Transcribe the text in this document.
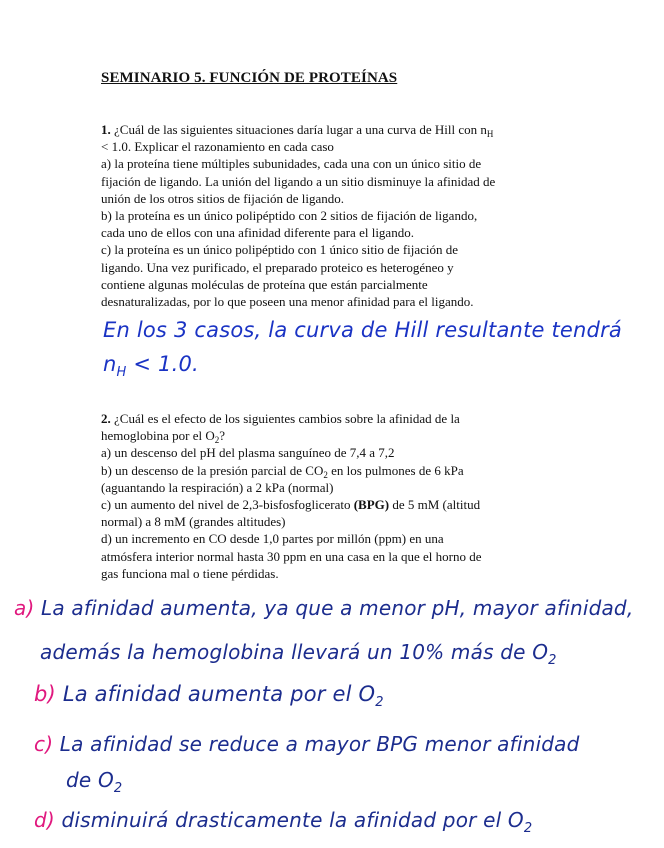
SEMINARIO 5. FUNCIÓN DE PROTEÍNAS
1. ¿Cuál de las siguientes situaciones daría lugar a una curva de Hill con $n_H$
< 1.0. Explicar el razonamiento en cada caso
a) la proteína tiene múltiples subunidades, cada una con un único sitio de
fijación de ligando. La unión del ligando a un sitio disminuye la afinidad de
unión de los otros sitios de fijación de ligando.
b) la proteína es un único polipéptido con 2 sitios de fijación de ligando,
cada uno de ellos con una afinidad diferente para el ligando.
c) la proteína es un único polipéptido con 1 único sitio de fijación de
ligando. Una vez purificado, el preparado proteico es heterogéneo y
contiene algunas moléculas de proteína que están parcialmente
desnaturalizadas, por lo que poseen una menor afinidad para el ligando.
En los 3 casos, la curva de Hill resultante tendrá
$n_H < 1.0$.
2. ¿Cuál es el efecto de los siguientes cambios sobre la afinidad de la
hemoglobina por el $O_2$?
a) un descenso del pH del plasma sanguíneo de 7,4 a 7,2
b) un descenso de la presión parcial de $CO_2$ en los pulmones de 6 kPa
(aguantando la respiración) a 2 kPa (normal)
c) un aumento del nivel de 2,3-bisfosfoglicerato (BPG) de 5 mM (altitud
normal) a 8 mM (grandes altitudes)
d) un incremento en CO desde 1,0 partes por millón (ppm) en una
atmósfera interior normal hasta 30 ppm en una casa en la que el horno de
gas funciona mal o tiene pérdidas.
a) La afinidad aumenta, ya que a menor pH, mayor afinidad,
además la hemoglobina llevará un 10% más de $O_2$
b) La afinidad aumenta por el $O_2$
c) La afinidad se reduce a mayor BPG menor afinidad
de $O_2$
d) disminuirá drasticamente la afinidad por el $O_2$
